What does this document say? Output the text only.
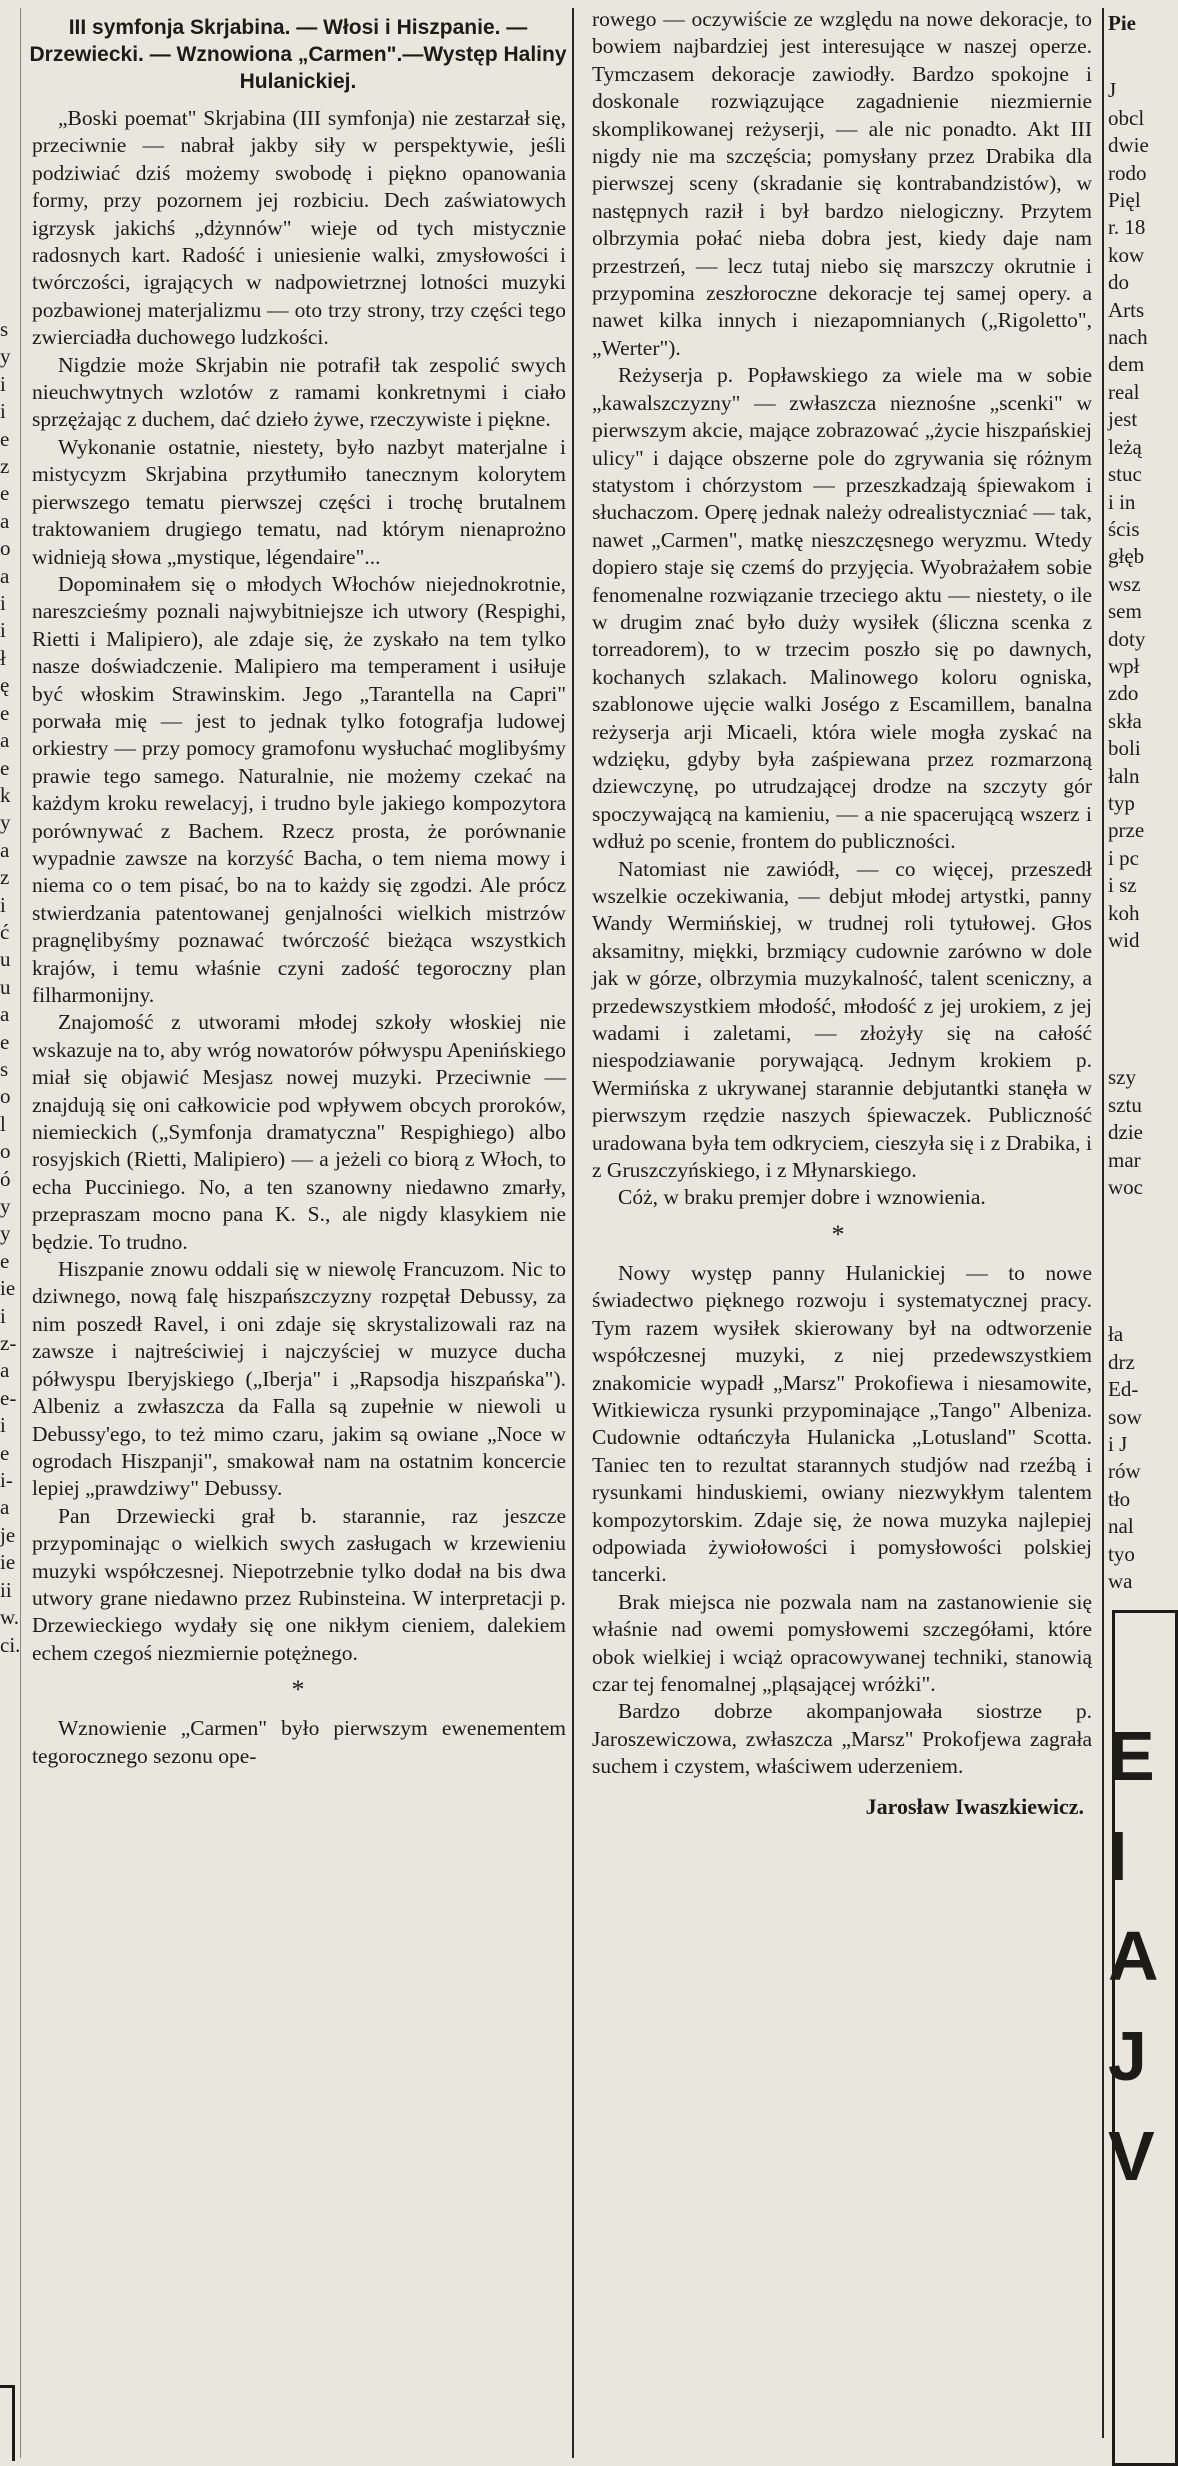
s
y
i
i
e
z
e
a
o
a
i
i
ł
ę
e
a
e
k
y
a
z
i
ć
u
u
a
e
s
o
l
o
ó
y
y
e
ie
i
z-
a
e-
i
e
i-
a
je
ie
ii
w.
ci.
III symfonja Skrjabina. — Włosi i Hiszpanie. — Drzewiecki. — Wznowiona „Carmen".—Występ Haliny Hulanickiej.

„Boski poemat" Skrjabina (III symfonja) nie zestarzał się, przeciwnie — nabrał jakby siły w perspektywie, jeśli podziwiać dziś możemy swobodę i piękno opanowania formy, przy pozornem jej rozbiciu. Dech zaświatowych igrzysk jakichś „dżynnów" wieje od tych mistycznie radosnych kart. Radość i uniesienie walki, zmysłowości i twórczości, igrających w nadpowietrznej lotności muzyki pozbawionej materjalizmu — oto trzy strony, trzy części tego zwierciadła duchowego ludzkości.

Nigdzie może Skrjabin nie potrafił tak zespolić swych nieuchwytnych wzlotów z ramami konkretnymi i ciało sprzężając z duchem, dać dzieło żywe, rzeczywiste i piękne.

Wykonanie ostatnie, niestety, było nazbyt materjalne i mistycyzm Skrjabina przytłumiło tanecznym kolorytem pierwszego tematu pierwszej części i trochę brutalnem traktowaniem drugiego tematu, nad którym nienaprożno widnieją słowa „mystique, légendaire"...

Dopominałem się o młodych Włochów niejednokrotnie, nareszcieśmy poznali najwybitniejsze ich utwory (Respighi, Rietti i Malipiero), ale zdaje się, że zyskało na tem tylko nasze doświadczenie. Malipiero ma temperament i usiłuje być włoskim Strawinskim. Jego „Tarantella na Capri" porwała mię — jest to jednak tylko fotografja ludowej orkiestry — przy pomocy gramofonu wysłuchać moglibyśmy prawie tego samego. Naturalnie, nie możemy czekać na każdym kroku rewelacyj, i trudno byle jakiego kompozytora porównywać z Bachem. Rzecz prosta, że porównanie wypadnie zawsze na korzyść Bacha, o tem niema mowy i niema co o tem pisać, bo na to każdy się zgodzi. Ale prócz stwierdzania patentowanej genjalności wielkich mistrzów pragnęlibyśmy poznawać twórczość bieżąca wszystkich krajów, i temu właśnie czyni zadość tegoroczny plan filharmonijny.

Znajomość z utworami młodej szkoły włoskiej nie wskazuje na to, aby wróg nowatorów półwyspu Apenińskiego miał się objawić Mesjasz nowej muzyki. Przeciwnie — znajdują się oni całkowicie pod wpływem obcych proroków, niemieckich („Symfonja dramatyczna" Respighiego) albo rosyjskich (Rietti, Malipiero) — a jeżeli co biorą z Włoch, to echa Pucciniego. No, a ten szanowny niedawno zmarły, przepraszam mocno pana K. S., ale nigdy klasykiem nie będzie. To trudno.

Hiszpanie znowu oddali się w niewolę Francuzom. Nic to dziwnego, nową falę hiszpańszczyzny rozpętał Debussy, za nim poszedł Ravel, i oni zdaje się skrystalizowali raz na zawsze i najtreściwiej i najczyściej w muzyce ducha półwyspu Iberyjskiego („Iberja" i „Rapsodja hiszpańska"). Albeniz a zwłaszcza da Falla są zupełnie w niewoli u Debussy'ego, to też mimo czaru, jakim są owiane „Noce w ogrodach Hiszpanji", smakował nam na ostatnim koncercie lepiej „prawdziwy" Debussy.

Pan Drzewiecki grał b. starannie, raz jeszcze przypominając o wielkich swych zasługach w krzewieniu muzyki współczesnej. Niepotrzebnie tylko dodał na bis dwa utwory grane niedawno przez Rubinsteina. W interpretacji p. Drzewieckiego wydały się one nikłym cieniem, dalekiem echem czegoś niezmiernie potężnego.

*

Wznowienie „Carmen" było pierwszym ewenementem tegorocznego sezonu ope-

rowego — oczywiście ze względu na nowe dekoracje, to bowiem najbardziej jest interesujące w naszej operze. Tymczasem dekoracje zawiodły. Bardzo spokojne i doskonale rozwiązujące zagadnienie niezmiernie skomplikowanej reżyserji, — ale nic ponadto. Akt III nigdy nie ma szczęścia; pomysłany przez Drabika dla pierwszej sceny (skradanie się kontrabandzistów), w następnych raził i był bardzo nielogiczny. Przytem olbrzymia połać nieba dobra jest, kiedy daje nam przestrzeń, — lecz tutaj niebo się marszczy okrutnie i przypomina zeszłoroczne dekoracje tej samej opery. a nawet kilka innych i niezapomnianych („Rigoletto", „Werter").

Reżyserja p. Popławskiego za wiele ma w sobie „kawalszczyzny" — zwłaszcza nieznośne „scenki" w pierwszym akcie, mające zobrazować „życie hiszpańskiej ulicy" i dające obszerne pole do zgrywania się różnym statystom i chórzystom — przeszkadzają śpiewakom i słuchaczom. Operę jednak należy odrealistyczniać — tak, nawet „Carmen", matkę nieszczęsnego weryzmu. Wtedy dopiero staje się czemś do przyjęcia. Wyobrażałem sobie fenomenalne rozwiązanie trzeciego aktu — niestety, o ile w drugim znać było duży wysiłek (śliczna scenka z torreadorem), to w trzecim poszło się po dawnych, kochanych szlakach. Malinowego koloru ogniska, szablonowe ujęcie walki Joségo z Escamillem, banalna reżyserja arji Micaeli, która wiele mogła zyskać na wdzięku, gdyby była zaśpiewana przez rozmarzoną dziewczynę, po utrudzającej drodze na szczyty gór spoczywającą na kamieniu, — a nie spacerującą wszerz i wdłuż po scenie, frontem do publiczności.

Natomiast nie zawiódł, — co więcej, przeszedł wszelkie oczekiwania, — debjut młodej artystki, panny Wandy Wermińskiej, w trudnej roli tytułowej. Głos aksamitny, miękki, brzmiący cudownie zarówno w dole jak w górze, olbrzymia muzykalność, talent sceniczny, a przedewszystkiem młodość, młodość z jej urokiem, z jej wadami i zaletami, — złożyły się na całość niespodziawanie porywającą. Jednym krokiem p. Wermińska z ukrywanej starannie debjutantki stanęła w pierwszym rzędzie naszych śpiewaczek. Publiczność uradowana była tem odkryciem, cieszyła się i z Drabika, i z Gruszczyńskiego, i z Młynarskiego.

Cóż, w braku premjer dobre i wznowienia.

*

Nowy występ panny Hulanickiej — to nowe świadectwo pięknego rozwoju i systematycznej pracy. Tym razem wysiłek skierowany był na odtworzenie współczesnej muzyki, z niej przedewszystkiem znakomicie wypadł „Marsz" Prokofiewa i niesamowite, Witkiewicza rysunki przypominające „Tango" Albeniza. Cudownie odtańczyła Hulanicka „Lotusland" Scotta. Taniec ten to rezultat starannych studjów nad rzeźbą i rysunkami hinduskiemi, owiany niezwykłym talentem kompozytorskim. Zdaje się, że nowa muzyka najlepiej odpowiada żywiołowości i pomysłowości polskiej tancerki.

Brak miejsca nie pozwala nam na zastanowienie się właśnie nad owemi pomysłowemi szczegółami, które obok wielkiej i wciąż opracowywanej techniki, stanowią czar tej fenomalnej „pląsającej wróżki".

Bardzo dobrze akompanjowała siostrze p. Jaroszewiczowa, zwłaszcza „Marsz" Prokofjewa zagrała suchem i czystem, właściwem uderzeniem.

Jarosław Iwaszkiewicz.
Pie
J
obcl
dwie
rodo
Pięl
r. 18
kow
do
Arts
nach
dem
real
jest
leżą
stuc
i in
ścis
głęb
wsz
sem
doty
wpł
zdo
skła
boli
łaln
typ
prze
i pc
i sz
koh
wid
szy
sztu
dzie
mar
woc
ła
drz
Ed-
sow
i J
rów
tło
nal
tyo
wa
E
I
A
J
V
